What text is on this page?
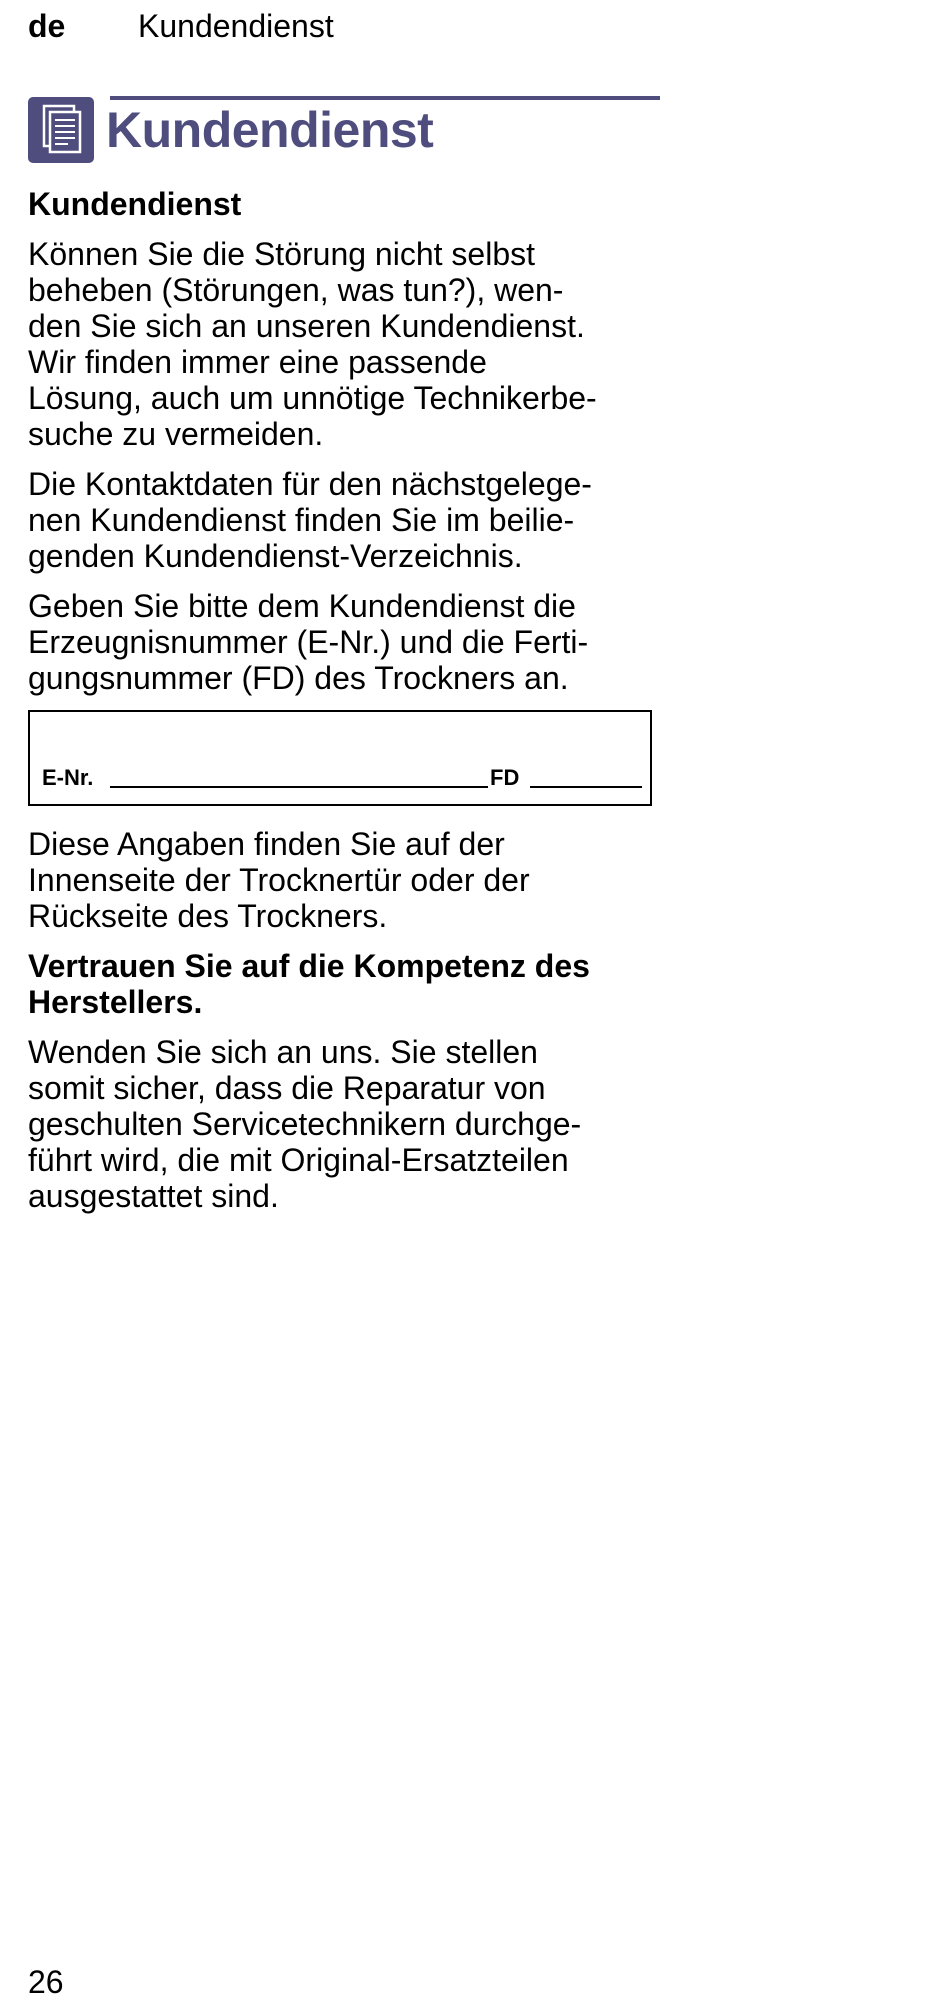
de Kundendienst
Kundendienst
Kundendienst
Können Sie die Störung nicht selbst
beheben (Störungen, was tun?), wen-
den Sie sich an unseren Kundendienst.
Wir finden immer eine passende
Lösung, auch um unnötige Technikerbe-
suche zu vermeiden.
Die Kontaktdaten für den nächstgelege-
nen Kundendienst finden Sie im beilie-
genden Kundendienst-Verzeichnis.
Geben Sie bitte dem Kundendienst die
Erzeugnisnummer (E-Nr.) und die Ferti-
gungsnummer (FD) des Trockners an.
E-Nr.	FD
Diese Angaben finden Sie auf der
Innenseite der Trocknertür oder der
Rückseite des Trockners.
Vertrauen Sie auf die Kompetenz des
Herstellers.
Wenden Sie sich an uns. Sie stellen
somit sicher, dass die Reparatur von
geschulten Servicetechnikern durchge-
führt wird, die mit Original-Ersatzteilen
ausgestattet sind.
26
